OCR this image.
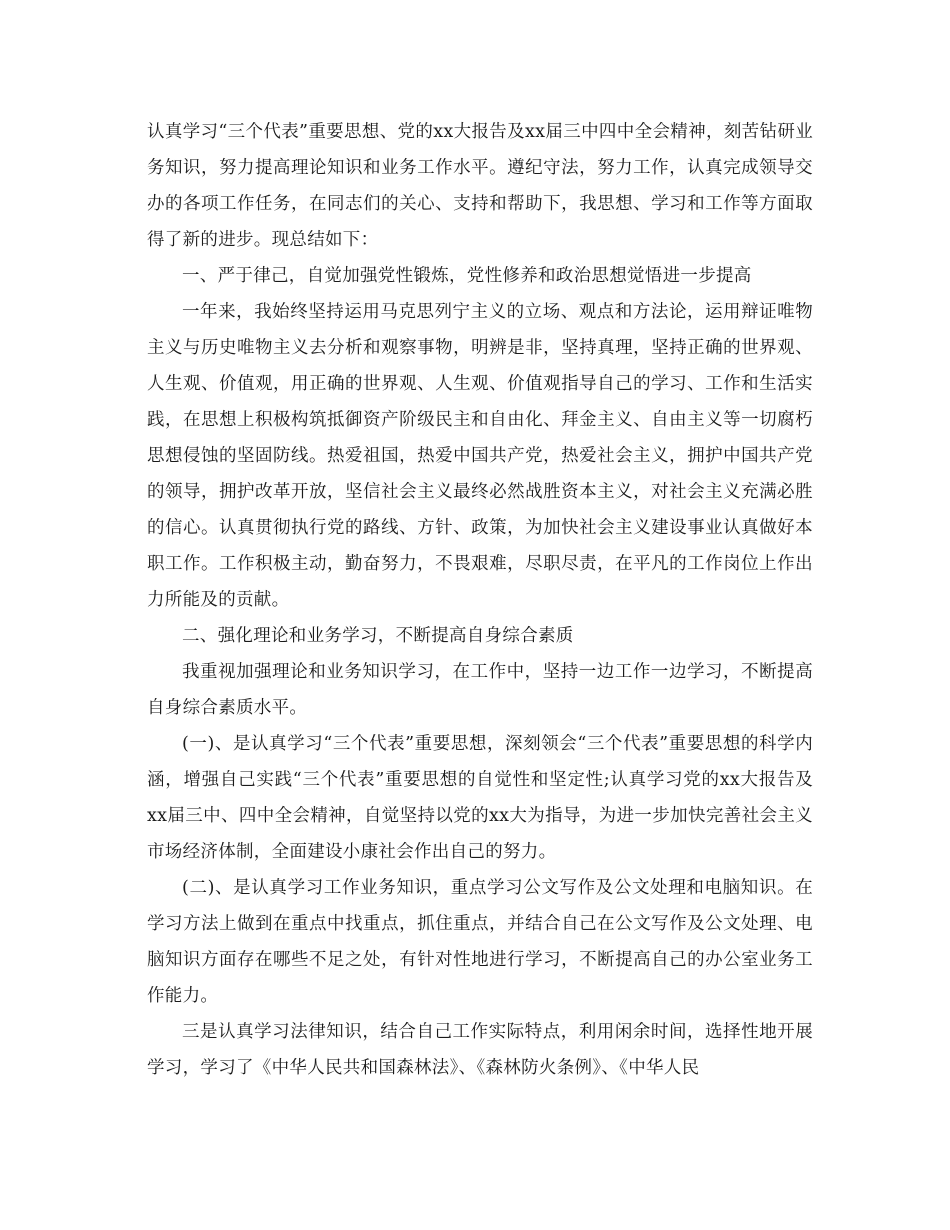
认真学习“三个代表”重要思想、党的xx大报告及xx届三中四中全会精神，刻苦钻研业务知识，努力提高理论知识和业务工作水平。遵纪守法，努力工作，认真完成领导交办的各项工作任务，在同志们的关心、支持和帮助下，我思想、学习和工作等方面取得了新的进步。现总结如下：

一、严于律己，自觉加强党性锻炼，党性修养和政治思想觉悟进一步提高

一年来，我始终坚持运用马克思列宁主义的立场、观点和方法论，运用辩证唯物主义与历史唯物主义去分析和观察事物，明辨是非，坚持真理，坚持正确的世界观、人生观、价值观，用正确的世界观、人生观、价值观指导自己的学习、工作和生活实践，在思想上积极构筑抵御资产阶级民主和自由化、拜金主义、自由主义等一切腐朽思想侵蚀的坚固防线。热爱祖国，热爱中国共产党，热爱社会主义，拥护中国共产党的领导，拥护改革开放，坚信社会主义最终必然战胜资本主义，对社会主义充满必胜的信心。认真贯彻执行党的路线、方针、政策，为加快社会主义建设事业认真做好本职工作。工作积极主动，勤奋努力，不畏艰难，尽职尽责，在平凡的工作岗位上作出力所能及的贡献。

二、强化理论和业务学习，不断提高自身综合素质

我重视加强理论和业务知识学习，在工作中，坚持一边工作一边学习，不断提高自身综合素质水平。

(一)、是认真学习“三个代表”重要思想，深刻领会“三个代表”重要思想的科学内涵，增强自己实践“三个代表”重要思想的自觉性和坚定性;认真学习党的xx大报告及xx届三中、四中全会精神，自觉坚持以党的xx大为指导，为进一步加快完善社会主义市场经济体制，全面建设小康社会作出自己的努力。

(二)、是认真学习工作业务知识，重点学习公文写作及公文处理和电脑知识。在学习方法上做到在重点中找重点，抓住重点，并结合自己在公文写作及公文处理、电脑知识方面存在哪些不足之处，有针对性地进行学习，不断提高自己的办公室业务工作能力。

三是认真学习法律知识，结合自己工作实际特点，利用闲余时间，选择性地开展学习，学习了《中华人民共和国森林法》、《森林防火条例》、《中华人民
